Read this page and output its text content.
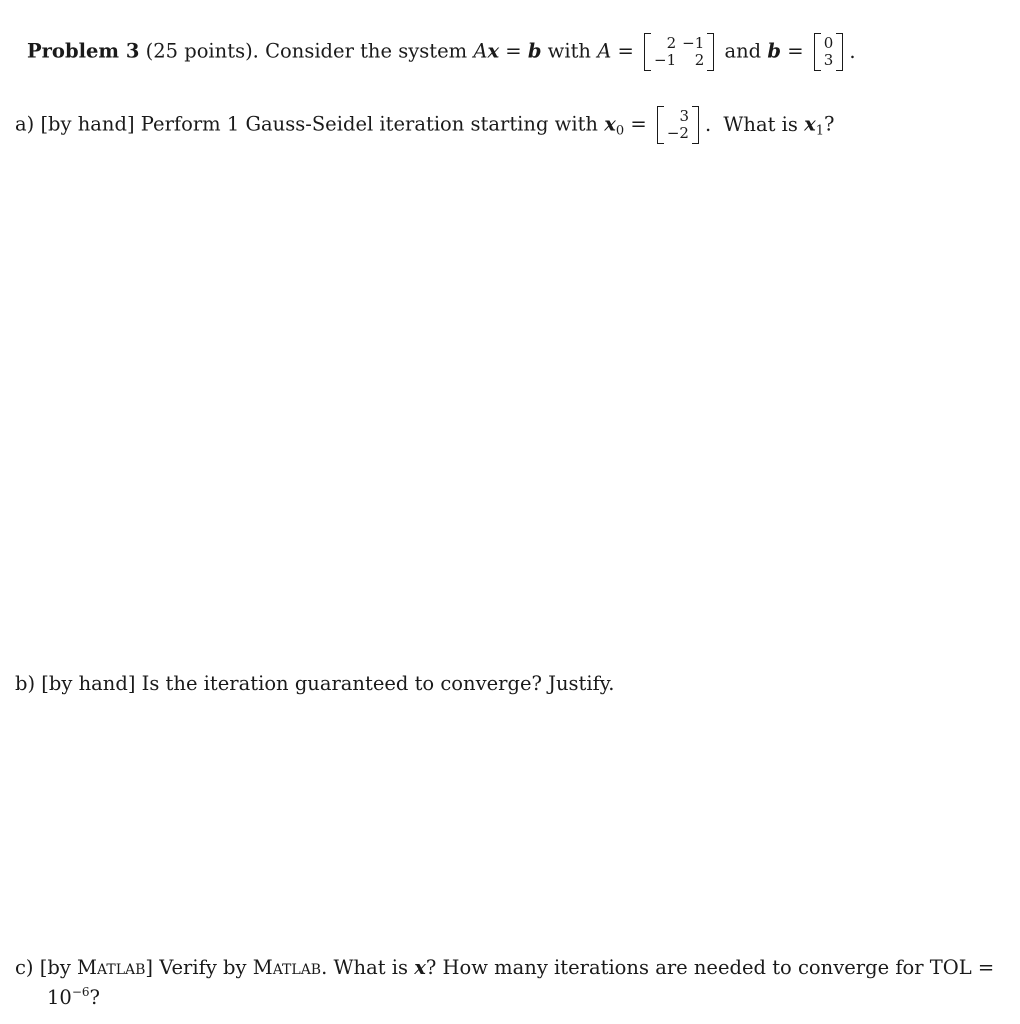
Problem 3 (25 points). Consider the system Ax = b with A =	2 −1
−1	2 and b = 0
3 .
a) [by hand] Perform 1 Gauss-Seidel iteration starting with $x_0$ =	3
−2 . What is $x_1$?
b) [by hand] Is the iteration guaranteed to converge? Justify.
c) [by Matlab] Verify by Matlab. What is x? How many iterations are needed to converge for TOL =
$10^{-6}$?
